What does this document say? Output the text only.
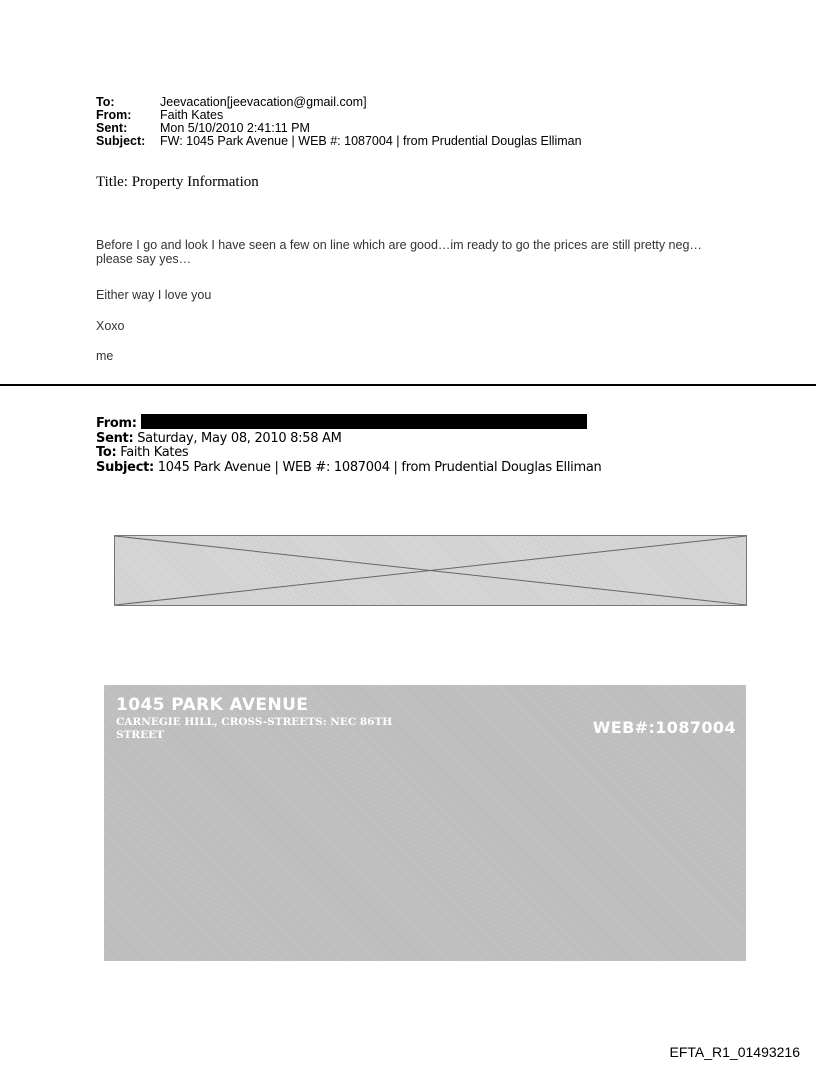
To:	Jeevacation[jeevacation@gmail.com]
From:	Faith Kates
Sent:	Mon 5/10/2010 2:41:11 PM
Subject:	FW: 1045 Park Avenue | WEB #: 1087004 | from Prudential Douglas Elliman
Title: Property Information
Before I go and look I have seen a few on line which are good…im ready to go the prices are still pretty neg…please say yes…
Either way I love you
Xoxo
me
From:
Sent: Saturday, May 08, 2010 8:58 AM
To: Faith Kates
Subject: 1045 Park Avenue | WEB #: 1087004 | from Prudential Douglas Elliman
1045 PARK AVENUE
CARNEGIE HILL, CROSS-STREETS: NEC 86TH STREET	WEB#:1087004
EFTA_R1_01493216
